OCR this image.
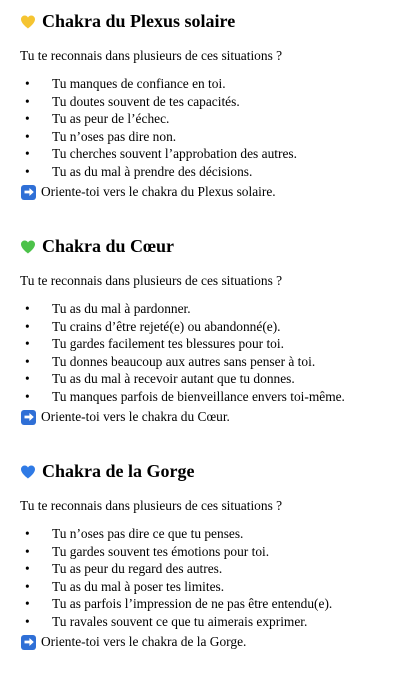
Chakra du Plexus solaire
Tu te reconnais dans plusieurs de ces situations ?
• Tu manques de confiance en toi.
• Tu doutes souvent de tes capacités.
• Tu as peur de l’échec.
• Tu n’oses pas dire non.
• Tu cherches souvent l’approbation des autres.
• Tu as du mal à prendre des décisions.
Oriente-toi vers le chakra du Plexus solaire.
Chakra du Cœur
Tu te reconnais dans plusieurs de ces situations ?
• Tu as du mal à pardonner.
• Tu crains d’être rejeté(e) ou abandonné(e).
• Tu gardes facilement tes blessures pour toi.
• Tu donnes beaucoup aux autres sans penser à toi.
• Tu as du mal à recevoir autant que tu donnes.
• Tu manques parfois de bienveillance envers toi-même.
Oriente-toi vers le chakra du Cœur.
Chakra de la Gorge
Tu te reconnais dans plusieurs de ces situations ?
• Tu n’oses pas dire ce que tu penses.
• Tu gardes souvent tes émotions pour toi.
• Tu as peur du regard des autres.
• Tu as du mal à poser tes limites.
• Tu as parfois l’impression de ne pas être entendu(e).
• Tu ravales souvent ce que tu aimerais exprimer.
Oriente-toi vers le chakra de la Gorge.
